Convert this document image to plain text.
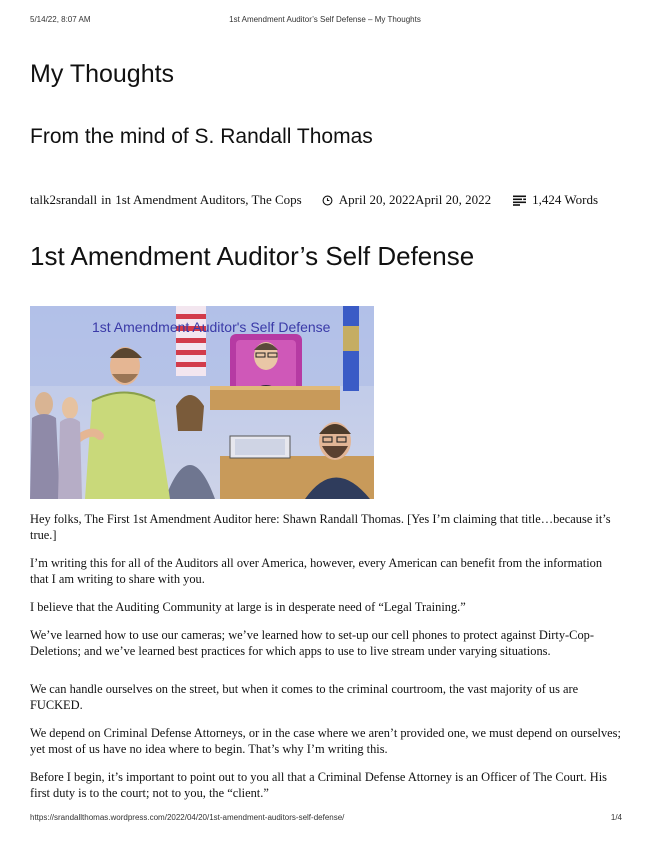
5/14/22, 8:07 AM	1st Amendment Auditor’s Self Defense – My Thoughts
My Thoughts
From the mind of S. Randall Thomas
talk2srandall in 1st Amendment Auditors, The Cops	April 20, 2022April 20, 2022	1,424 Words
1st Amendment Auditor’s Self Defense
1st Amendment Auditor's Self Defense

Hey folks, The First 1st Amendment Auditor here: Shawn Randall Thomas. [Yes I’m claiming that title…because it’s true.]

I’m writing this for all of the Auditors all over America, however, every American can benefit from the information that I am writing to share with you.

I believe that the Auditing Community at large is in desperate need of “Legal Training.”

We’ve learned how to use our cameras; we’ve learned how to set-up our cell phones to protect against Dirty-Cop-Deletions; and we’ve learned best practices for which apps to use to live stream under varying situations.

We can handle ourselves on the street, but when it comes to the criminal courtroom, the vast majority of us are FUCKED.

We depend on Criminal Defense Attorneys, or in the case where we aren’t provided one, we must depend on ourselves; yet most of us have no idea where to begin. That’s why I’m writing this.

Before I begin, it’s important to point out to you all that a Criminal Defense Attorney is an Officer of The Court. His first duty is to the court; not to you, the “client.”

https://srandallthomas.wordpress.com/2022/04/20/1st-amendment-auditors-self-defense/	1/4
